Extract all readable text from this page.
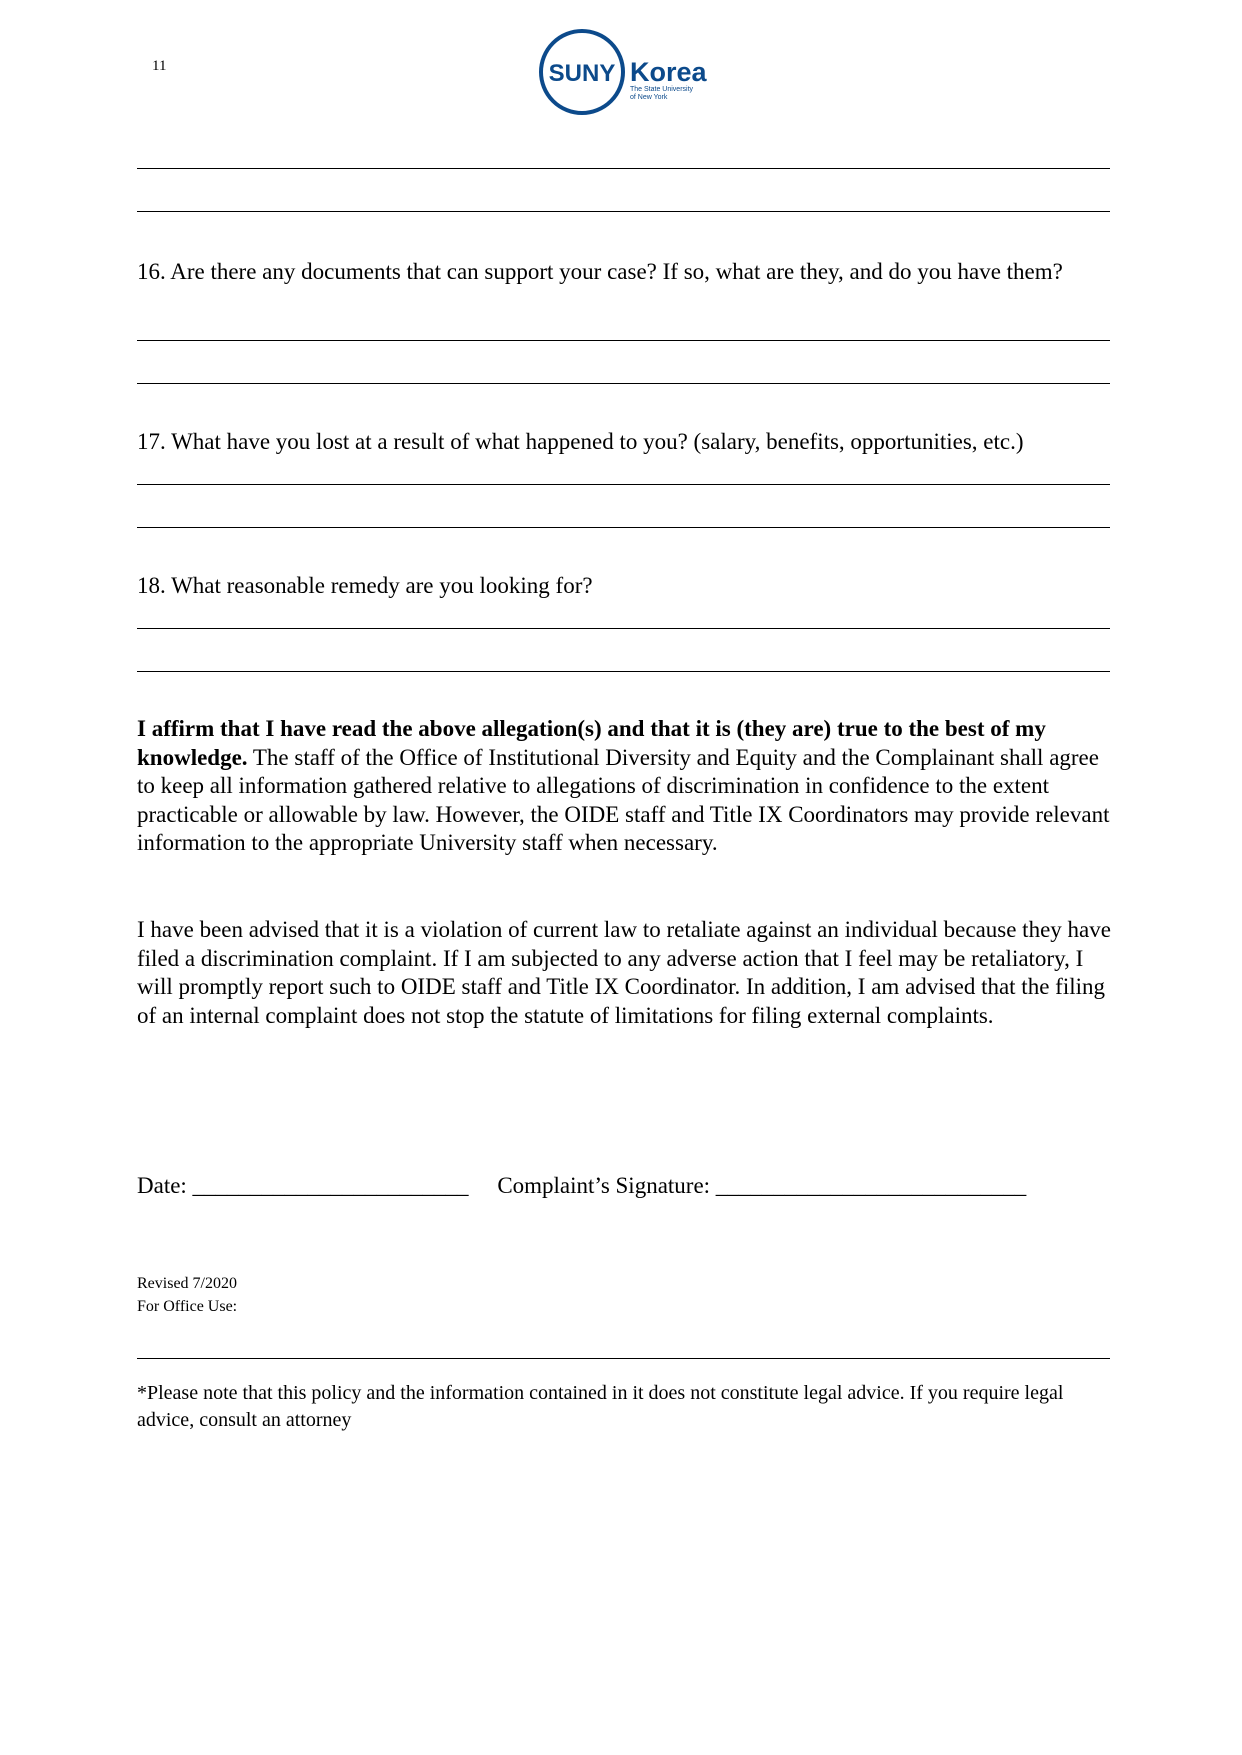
11	SUNY Korea
The State University
of New York
16. Are there any documents that can support your case? If so, what are they, and do you have them?
17. What have you lost at a result of what happened to you? (salary, benefits, opportunities, etc.)
18. What reasonable remedy are you looking for?
I affirm that I have read the above allegation(s) and that it is (they are) true to the best of my knowledge. The staff of the Office of Institutional Diversity and Equity and the Complainant shall agree to keep all information gathered relative to allegations of discrimination in confidence to the extent practicable or allowable by law. However, the OIDE staff and Title IX Coordinators may provide relevant information to the appropriate University staff when necessary.
I have been advised that it is a violation of current law to retaliate against an individual because they have filed a discrimination complaint. If I am subjected to any adverse action that I feel may be retaliatory, I will promptly report such to OIDE staff and Title IX Coordinator. In addition, I am advised that the filing of an internal complaint does not stop the statute of limitations for filing external complaints.
Date: ________________________ Complaint’s Signature: ___________________________
Revised 7/2020
For Office Use:
*Please note that this policy and the information contained in it does not constitute legal advice. If you require legal advice, consult an attorney
